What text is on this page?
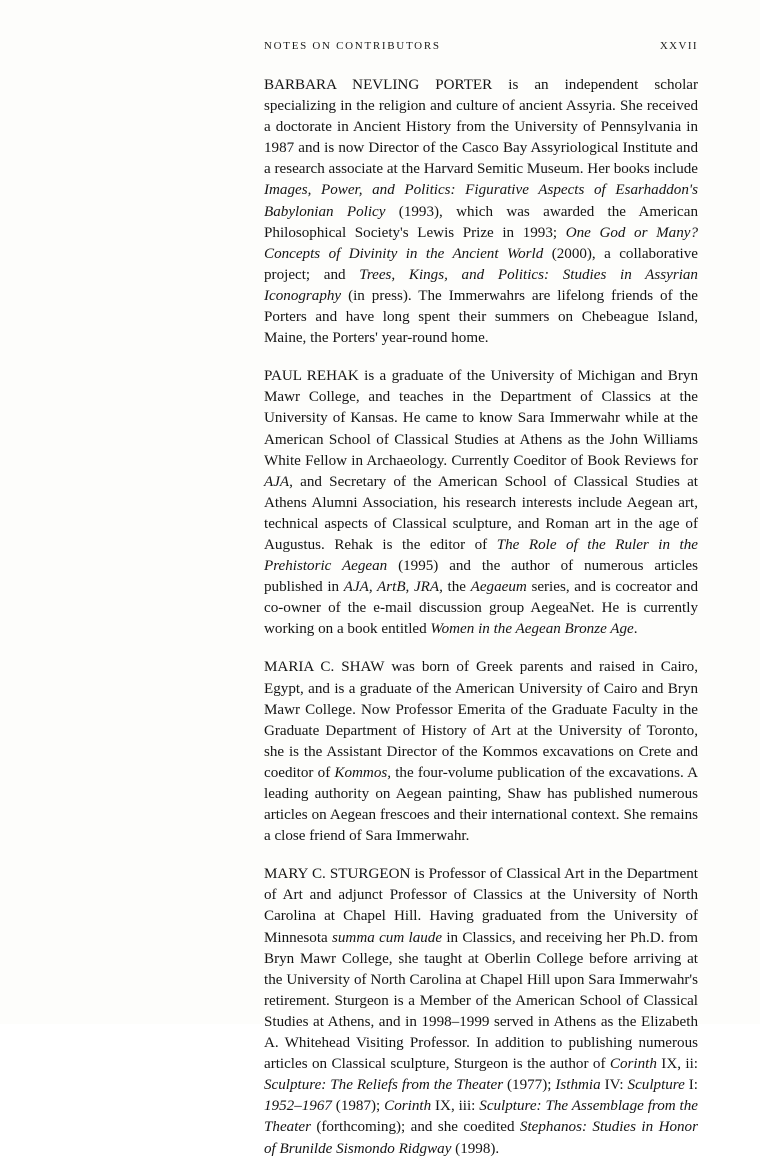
NOTES ON CONTRIBUTORS	XXVII

BARBARA NEVLING PORTER is an independent scholar specializing in the religion and culture of ancient Assyria. She received a doctorate in Ancient History from the University of Pennsylvania in 1987 and is now Director of the Casco Bay Assyriological Institute and a research associate at the Harvard Semitic Museum. Her books include Images, Power, and Politics: Figurative Aspects of Esarhaddon's Babylonian Policy (1993), which was awarded the American Philosophical Society's Lewis Prize in 1993; One God or Many? Concepts of Divinity in the Ancient World (2000), a collaborative project; and Trees, Kings, and Politics: Studies in Assyrian Iconography (in press). The Immerwahrs are lifelong friends of the Porters and have long spent their summers on Chebeague Island, Maine, the Porters' year-round home.

PAUL REHAK is a graduate of the University of Michigan and Bryn Mawr College, and teaches in the Department of Classics at the University of Kansas. He came to know Sara Immerwahr while at the American School of Classical Studies at Athens as the John Williams White Fellow in Archaeology. Currently Coeditor of Book Reviews for AJA, and Secretary of the American School of Classical Studies at Athens Alumni Association, his research interests include Aegean art, technical aspects of Classical sculpture, and Roman art in the age of Augustus. Rehak is the editor of The Role of the Ruler in the Prehistoric Aegean (1995) and the author of numerous articles published in AJA, ArtB, JRA, the Aegaeum series, and is cocreator and co-owner of the e-mail discussion group AegeaNet. He is currently working on a book entitled Women in the Aegean Bronze Age.

MARIA C. SHAW was born of Greek parents and raised in Cairo, Egypt, and is a graduate of the American University of Cairo and Bryn Mawr College. Now Professor Emerita of the Graduate Faculty in the Graduate Department of History of Art at the University of Toronto, she is the Assistant Director of the Kommos excavations on Crete and coeditor of Kommos, the four-volume publication of the excavations. A leading authority on Aegean painting, Shaw has published numerous articles on Aegean frescoes and their international context. She remains a close friend of Sara Immerwahr.

MARY C. STURGEON is Professor of Classical Art in the Department of Art and adjunct Professor of Classics at the University of North Carolina at Chapel Hill. Having graduated from the University of Minnesota summa cum laude in Classics, and receiving her Ph.D. from Bryn Mawr College, she taught at Oberlin College before arriving at the University of North Carolina at Chapel Hill upon Sara Immerwahr's retirement. Sturgeon is a Member of the American School of Classical Studies at Athens, and in 1998–1999 served in Athens as the Elizabeth A. Whitehead Visiting Professor. In addition to publishing numerous articles on Classical sculpture, Sturgeon is the author of Corinth IX, ii: Sculpture: The Reliefs from the Theater (1977); Isthmia IV: Sculpture I: 1952–1967 (1987); Corinth IX, iii: Sculpture: The Assemblage from the Theater (forthcoming); and she coedited Stephanos: Studies in Honor of Brunilde Sismondo Ridgway (1998).
